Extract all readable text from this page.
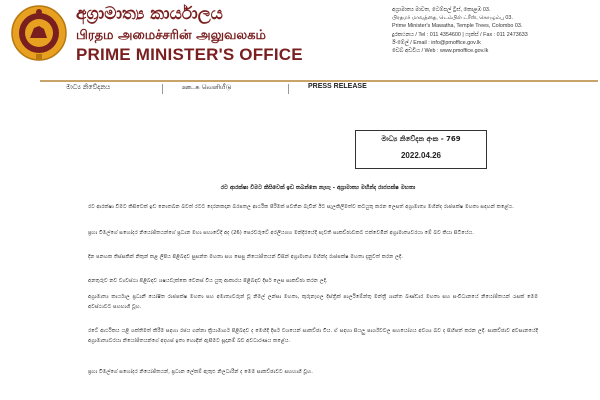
අග්‍රාමාත්‍ය කාර්යාලය
பிரதம அமைச்சரின் அலுவலகம்
PRIME MINISTER'S OFFICE
අග්‍රාමාත්‍ය මාවත, ටෙම්පල් ට්‍රීස්, කොළඹ 03.
பிரதமர் மாவத்தை, டெம்பிள் ட்ரீஸ், கொழும்பு 03.
Prime Minister's Mawatha, Temple Trees, Colombo 03.
දුරකථනය / Tel : 011 4354600 | ෆැක්ස් / Fax : 011 2473633
ඊ-මේල් / Email : info@pmoffice.gov.lk
වෙබ් අඩවිය / Web : www.pmoffice.gov.lk
මාධ්‍ය නිවේදනය	ஊடக வெளியீடு	PRESS RELEASE
මාධ්‍ය නිවේදන අංක - 769
2022.04.26
රට ආරක්ෂා විමට කිසිවෙක් ඉඩ තබන්නෙ නැහැ - අග්‍රාමාත්‍ය මහින්ද රාජපක්ෂ මහතා
රට ආරක්ෂා වීමට කිසිවෙක් ඉඩ නොතබන බවත් රටට දෙරනකදාන බරපතල ආර්ථික පිරීමක් පවතින බැවින් ඊට සැලකිලිමත්ව කටයුතු කරන ලෙසත් අග්‍රාමාත්‍ය මහින්ද රාජපක්ෂ මහතා සඳහන් කළේය.
ප්‍රභා විමල්ගේ සහෝදර නියෝජිතයන්ගේ ප්‍රධාන මහා සභාවේදී අද (26) පෙරවරුවේ අරලියගහ මන්දිරයේදී පැවති සාකච්ඡාවකට එක්වෙමින් අග්‍රාමාත්‍යවරයා මේ බව කියා සිටියේය.
දින පනහක තිස්සකින් නිතුන් කළ ලිපිය පිළිබඳව සුසන්ත මහතා සහ සෙසු නියෝජිතයන් විසින් අග්‍රාමාත්‍ය මහින්ද රාජපක්ෂ මහතා දැනුවත් කරන ලදී.
අනතුරුව නව ව්‍යවස්ථා පිළිබඳව ශෂයවැක්කෙ වෙනස් විය යුතු ආකාරය පිළිබඳව දීර්ඝ ලෙස සාකච්ඡා කරන ලදී.
අග්‍රාමාත්‍ය කාර්යාල ප්‍රධානී යෝෂිත රාජපක්ෂ මහතා සහ අමාත්‍යවරුන් වූ නිමල් ලන්සා මහතා, කුරුනැගල දිස්ත්‍රික් පාර්ලිමේන්තු මන්ත්‍රී ශාන්ත බණ්ඩාර මහතා සහ සංවිධානයේ නියෝජිතයන් රැසක් මෙම අවස්ථාවට සහභාගී වූහ.
රටේ ආර්ථිකය යළි ශක්තිමත් කිරීම සඳහා රජය ගන්නා ක්‍රියාමාර්ග පිළිබඳව ද මෙහිදී දීර්ඝ වශයෙන් සාකච්ඡා විය. ඒ සඳහා සියලු පාර්ශ්වවල සහයෝගය අවශ්‍ය බව ද සිහිපත් කරන ලදී. සාකච්ඡාව අවසානයේදී අග්‍රාමාත්‍යවරයා නියෝජිතයන්ගේ අදහස් ඉතා හොඳින් ඇසීමට සූදානම් බව අවධාරණය කළේය.
ප්‍රභා විමල්ගේ සහෝදර නියෝජිතයන්, ප්‍රධාන ලේකම් ඇතුළු නිලධාරීන් ද මෙම සාකච්ඡාවට සහභාගී වූහ.
